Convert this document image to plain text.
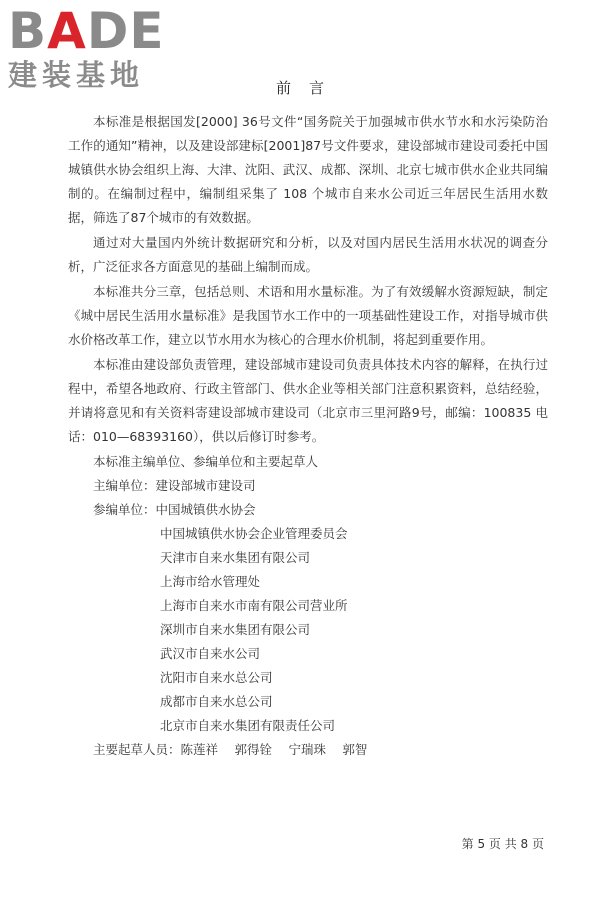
BADE
建装基地	前言

本标准是根据国发[2000] 36号文件“国务院关于加强城市供水节水和水污染防治工作的通知”精神，以及建设部建标[2001]87号文件要求，建设部城市建设司委托中国城镇供水协会组织上海、大津、沈阳、武汉、成都、深圳、北京七城市供水企业共同编制的。在编制过程中，编制组采集了 108 个城市自来水公司近三年居民生活用水数据，筛选了87个城市的有效数据。

通过对大量国内外统计数据研究和分析，以及对国内居民生活用水状况的调查分析，广泛征求各方面意见的基础上编制而成。

本标准共分三章，包括总则、术语和用水量标准。为了有效缓解水资源短缺，制定《城中居民生活用水量标准》是我国节水工作中的一项基础性建设工作，对指导城市供水价格改革工作，建立以节水用水为核心的合理水价机制，将起到重要作用。

本标准由建设部负责管理，建设部城市建设司负责具体技术内容的解释，在执行过程中，希望各地政府、行政主管部门、供水企业等相关部门注意积累资料，总结经验，并请将意见和有关资料寄建设部城市建设司（北京市三里河路9号，邮编：100835 电话：010—68393160），供以后修订时参考。

本标准主编单位、参编单位和主要起草人
主编单位：建设部城市建设司
参编单位：中国城镇供水协会
中国城镇供水协会企业管理委员会
天津市自来水集团有限公司
上海市给水管理处
上海市自来水市南有限公司营业所
深圳市自来水集团有限公司
武汉市自来水公司
沈阳市自来水总公司
成都市自来水总公司
北京市自来水集团有限责任公司
主要起草人员：陈莲祥　 郭得铨　 宁瑞珠　 郭智
第 5 页 共 8 页
